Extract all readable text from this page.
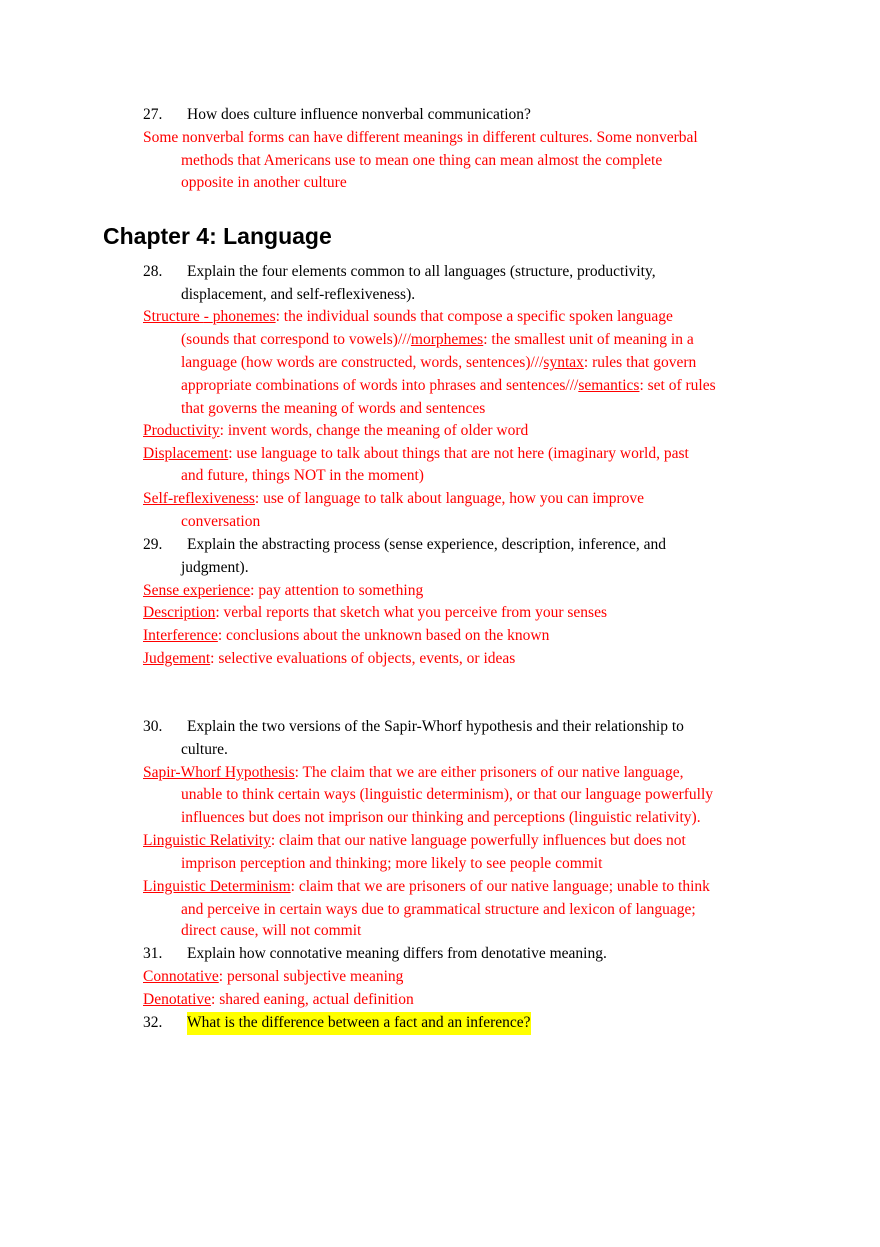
27. How does culture influence nonverbal communication?
Some nonverbal forms can have different meanings in different cultures. Some nonverbal
methods that Americans use to mean one thing can mean almost the complete
opposite in another culture
Chapter 4: Language
28. Explain the four elements common to all languages (structure, productivity,
displacement, and self-reflexiveness).
Structure - phonemes: the individual sounds that compose a specific spoken language
(sounds that correspond to vowels)///morphemes: the smallest unit of meaning in a
language (how words are constructed, words, sentences)///syntax: rules that govern
appropriate combinations of words into phrases and sentences///semantics: set of rules
that governs the meaning of words and sentences
Productivity: invent words, change the meaning of older word
Displacement: use language to talk about things that are not here (imaginary world, past
and future, things NOT in the moment)
Self-reflexiveness: use of language to talk about language, how you can improve
conversation
29. Explain the abstracting process (sense experience, description, inference, and
judgment).
Sense experience: pay attention to something
Description: verbal reports that sketch what you perceive from your senses
Interference: conclusions about the unknown based on the known
Judgement: selective evaluations of objects, events, or ideas
30. Explain the two versions of the Sapir-Whorf hypothesis and their relationship to
culture.
Sapir-Whorf Hypothesis: The claim that we are either prisoners of our native language,
unable to think certain ways (linguistic determinism), or that our language powerfully
influences but does not imprison our thinking and perceptions (linguistic relativity).
Linguistic Relativity: claim that our native language powerfully influences but does not
imprison perception and thinking; more likely to see people commit
Linguistic Determinism: claim that we are prisoners of our native language; unable to think
and perceive in certain ways due to grammatical structure and lexicon of language;
direct cause, will not commit
31. Explain how connotative meaning differs from denotative meaning.
Connotative: personal subjective meaning
Denotative: shared eaning, actual definition
32. What is the difference between a fact and an inference?
